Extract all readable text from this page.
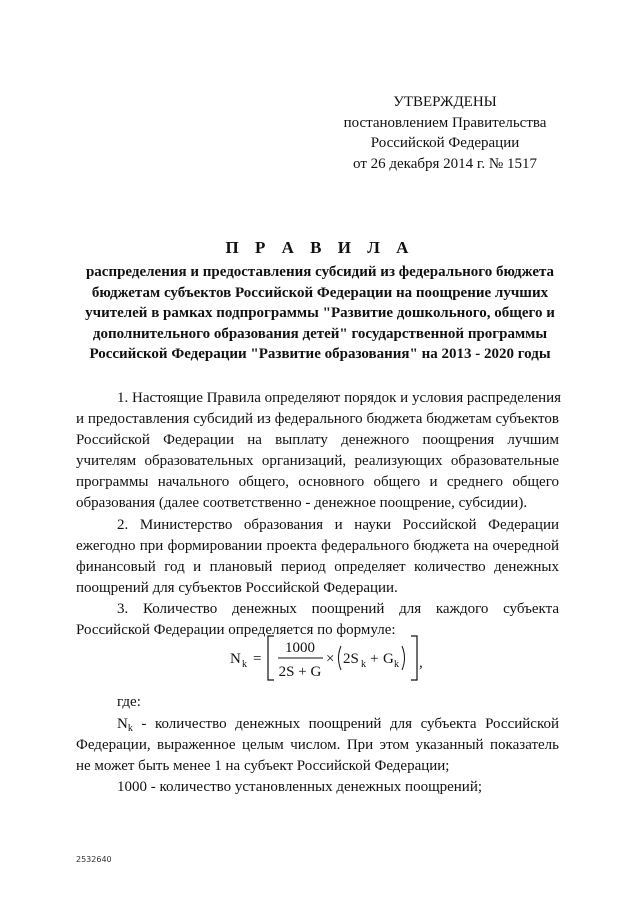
УТВЕРЖДЕНЫ
постановлением Правительства
Российской Федерации
от 26 декабря 2014 г. № 1517
П Р А В И Л А
распределения и предоставления субсидий из федерального бюджета
бюджетам субъектов Российской Федерации на поощрение лучших
учителей в рамках подпрограммы "Развитие дошкольного, общего и
дополнительного образования детей" государственной программы
Российской Федерации "Развитие образования" на 2013 - 2020 годы
1. Настоящие Правила определяют порядок и условия распределения
и предоставления субсидий из федерального бюджета бюджетам субъектов
Российской Федерации на выплату денежного поощрения лучшим
учителям образовательных организаций, реализующих образовательные
программы начального общего, основного общего и среднего общего
образования (далее соответственно - денежное поощрение, субсидии).
2. Министерство образования и науки Российской Федерации
ежегодно при формировании проекта федерального бюджета на очередной
финансовый год и плановый период определяет количество денежных
поощрений для субъектов Российской Федерации.
3. Количество денежных поощрений для каждого субъекта
Российской Федерации определяется по формуле:
N k =
1000
2S + G
× 2S k + G k ,
где:
$N_k$ - количество денежных поощрений для субъекта Российской
Федерации, выраженное целым числом. При этом указанный показатель
не может быть менее 1 на субъект Российской Федерации;
1000 - количество установленных денежных поощрений;
2532640
